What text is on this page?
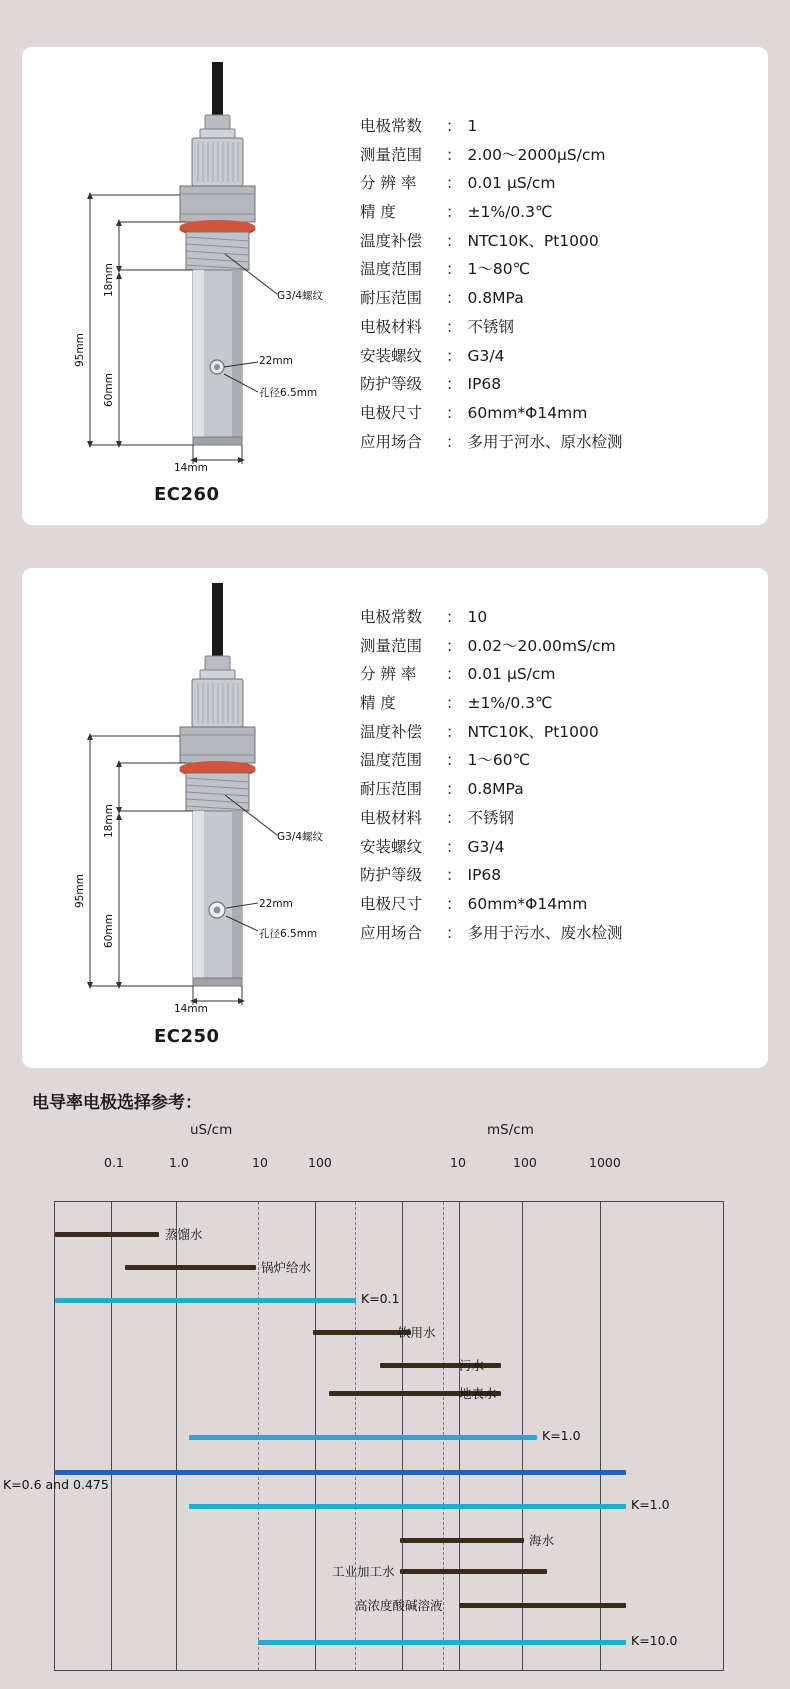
95mm
18mm
60mm
G3/4螺纹
22mm
孔径6.5mm
14mm
EC260
电极常数	： 1
测量范围	： 2.00～2000μS/cm
分 辨 率	： 0.01 μS/cm
精 度	： ±1%/0.3℃
温度补偿	： NTC10K、Pt1000
温度范围	： 1～80℃
耐压范围	： 0.8MPa
电极材料	： 不锈钢
安装螺纹	： G3/4
防护等级	： IP68
电极尺寸	： 60mm*Φ14mm
应用场合	： 多用于河水、原水检测
95mm
18mm
60mm
G3/4螺纹
22mm
孔径6.5mm
14mm
EC250
电极常数	： 10
测量范围	： 0.02～20.00mS/cm
分 辨 率	： 0.01 μS/cm
精 度	： ±1%/0.3℃
温度补偿	： NTC10K、Pt1000
温度范围	： 1～60℃
耐压范围	： 0.8MPa
电极材料	： 不锈钢
安装螺纹	： G3/4
防护等级	： IP68
电极尺寸	： 60mm*Φ14mm
应用场合	： 多用于污水、废水检测
电导率电极选择参考：
uS/cm	mS/cm
0.1	1.0	10	100	10	100	1000
蒸馏水
锅炉给水
K=0.1
饮用水
污水
地表水
K=1.0
K=0.6 and 0.475
K=1.0
海水
工业加工水
高浓度酸碱溶液
K=10.0
